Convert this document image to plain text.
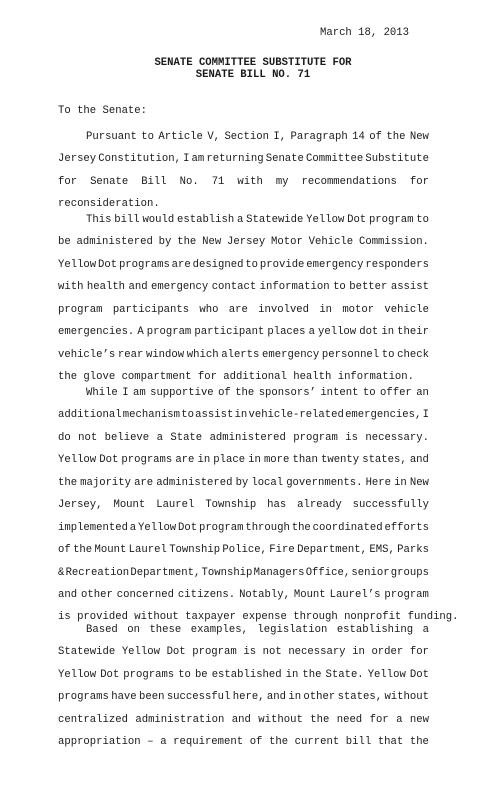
March 18, 2013
SENATE COMMITTEE SUBSTITUTE FOR
SENATE BILL NO. 71
To the Senate:
Pursuant to Article V, Section I, Paragraph 14 of the New
Jersey Constitution, I am returning Senate Committee Substitute
for Senate Bill No. 71 with my recommendations for
reconsideration.
This bill would establish a Statewide Yellow Dot program to
be administered by the New Jersey Motor Vehicle Commission.
Yellow Dot programs are designed to provide emergency responders
with health and emergency contact information to better assist
program participants who are involved in motor vehicle
emergencies. A program participant places a yellow dot in their
vehicle’s rear window which alerts emergency personnel to check
the glove compartment for additional health information.
While I am supportive of the sponsors’ intent to offer an
additional mechanism to assist in vehicle-related emergencies, I
do not believe a State administered program is necessary.
Yellow Dot programs are in place in more than twenty states, and
the majority are administered by local governments. Here in New
Jersey, Mount Laurel Township has already successfully
implemented a Yellow Dot program through the coordinated efforts
of the Mount Laurel Township Police, Fire Department, EMS, Parks
& Recreation Department, Township Managers Office, senior groups
and other concerned citizens. Notably, Mount Laurel’s program
is provided without taxpayer expense through nonprofit funding.
Based on these examples, legislation establishing a
Statewide Yellow Dot program is not necessary in order for
Yellow Dot programs to be established in the State. Yellow Dot
programs have been successful here, and in other states, without
centralized administration and without the need for a new
appropriation – a requirement of the current bill that the
